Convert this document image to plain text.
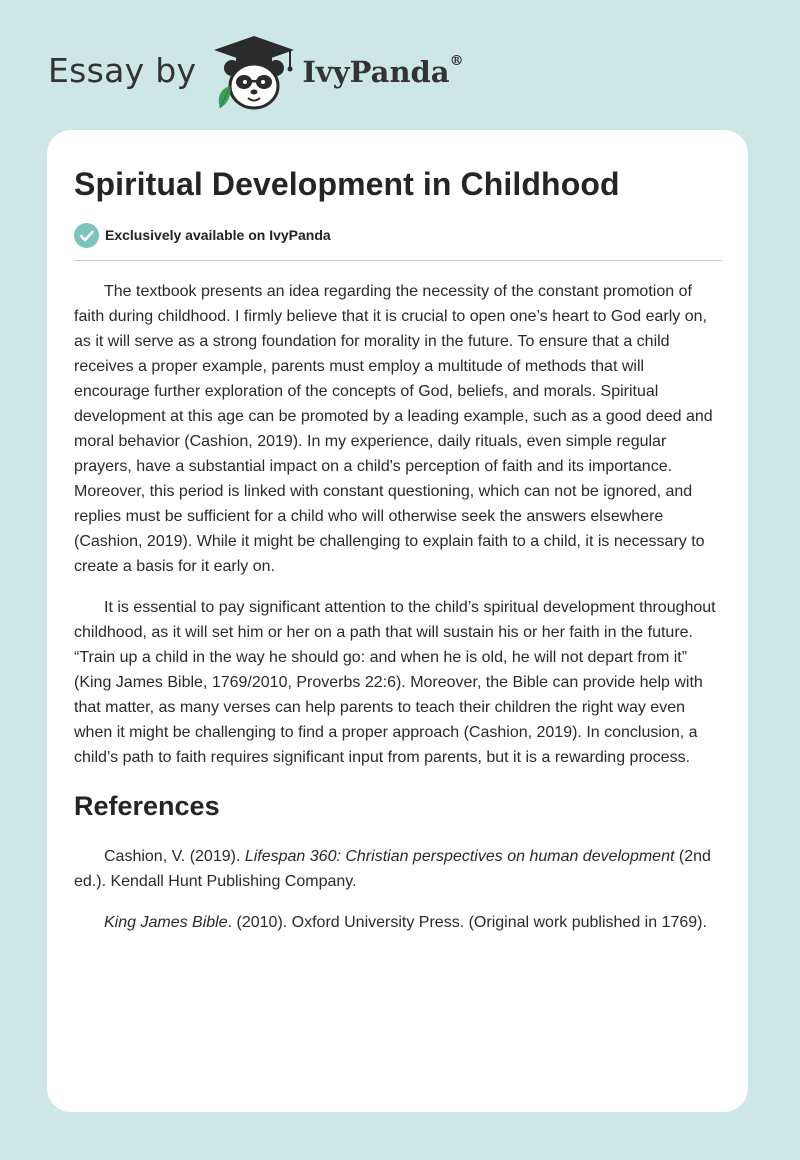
Essay by	IvyPanda®
Spiritual Development in Childhood
Exclusively available on IvyPanda

The textbook presents an idea regarding the necessity of the constant promotion of faith during childhood. I firmly believe that it is crucial to open one’s heart to God early on, as it will serve as a strong foundation for morality in the future. To ensure that a child receives a proper example, parents must employ a multitude of methods that will encourage further exploration of the concepts of God, beliefs, and morals. Spiritual development at this age can be promoted by a leading example, such as a good deed and moral behavior (Cashion, 2019). In my experience, daily rituals, even simple regular prayers, have a substantial impact on a child's perception of faith and its importance. Moreover, this period is linked with constant questioning, which can not be ignored, and replies must be sufficient for a child who will otherwise seek the answers elsewhere (Cashion, 2019). While it might be challenging to explain faith to a child, it is necessary to create a basis for it early on.

It is essential to pay significant attention to the child’s spiritual development throughout childhood, as it will set him or her on a path that will sustain his or her faith in the future. “Train up a child in the way he should go: and when he is old, he will not depart from it” (King James Bible, 1769/2010, Proverbs 22:6). Moreover, the Bible can provide help with that matter, as many verses can help parents to teach their children the right way even when it might be challenging to find a proper approach (Cashion, 2019). In conclusion, a child’s path to faith requires significant input from parents, but it is a rewarding process.

References

Cashion, V. (2019). Lifespan 360: Christian perspectives on human development (2nd ed.). Kendall Hunt Publishing Company.

King James Bible. (2010). Oxford University Press. (Original work published in 1769).
